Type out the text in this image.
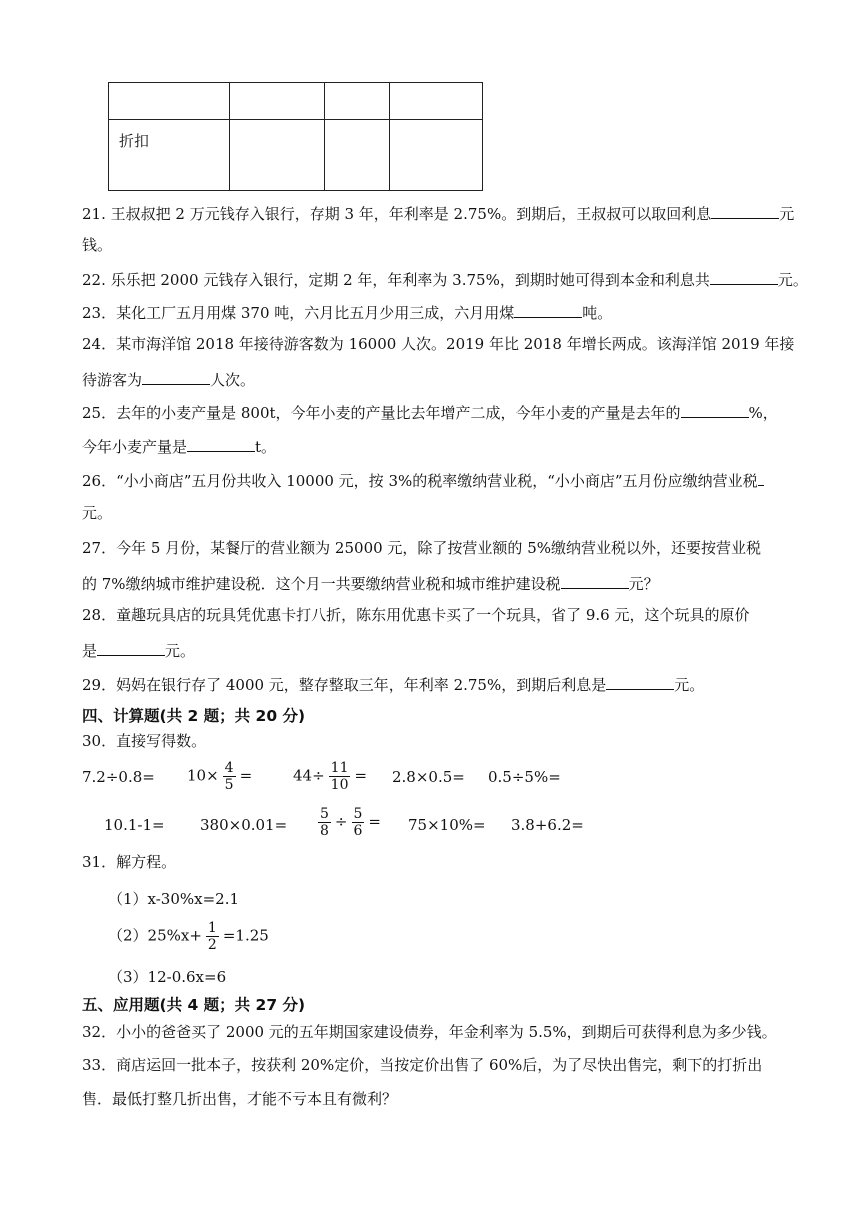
折扣			

21. 王叔叔把 2 万元钱存入银行，存期 3 年，年利率是 2.75%。到期后，王叔叔可以取回利息	元
钱。
22. 乐乐把 2000 元钱存入银行，定期 2 年，年利率为 3.75%，到期时她可得到本金和利息共	元。
23．某化工厂五月用煤 370 吨，六月比五月少用三成，六月用煤	吨。
24．某市海洋馆 2018 年接待游客数为 16000 人次。2019 年比 2018 年增长两成。该海洋馆 2019 年接
待游客为	人次。
25．去年的小麦产量是 800t，今年小麦的产量比去年增产二成，今年小麦的产量是去年的	%，
今年小麦产量是	t。
26．“小小商店”五月份共收入 10000 元，按 3%的税率缴纳营业税，“小小商店”五月份应缴纳营业税
元。
27．今年 5 月份，某餐厅的营业额为 25000 元，除了按营业额的 5%缴纳营业税以外，还要按营业税
的 7%缴纳城市维护建设税．这个月一共要缴纳营业税和城市维护建设税	元？
28．童趣玩具店的玩具凭优惠卡打八折，陈东用优惠卡买了一个玩具，省了 9.6 元，这个玩具的原价
是	元。
29．妈妈在银行存了 4000 元，整存整取三年，年利率 2.75%，到期后利息是	元。
四、计算题(共 2 题；共 20 分)
30．直接写得数。
$7.2\div 0.8= 10\times \frac{4}{5}$ =	$44\div \frac{11}{10} = 2.8\times 0.5= 0.5\div 5\%=$
$10.1-1= 380\times 0.01= \frac{5}{8} \div \frac{5}{6} = 75\times 10\%= 3.8+6.2=$
31．解方程。
（1）x-30%x=2.1
$(2)25\%x+ \frac{1}{2} =1.25$
（3）12-0.6x=6
五、应用题(共 4 题；共 27 分)
32．小小的爸爸买了 2000 元的五年期国家建设债券，年金利率为 5.5%，到期后可获得利息为多少钱。
33．商店运回一批本子，按获利 20%定价，当按定价出售了 60%后，为了尽快出售完，剩下的打折出
售．最低打整几折出售，才能不亏本且有微利？
